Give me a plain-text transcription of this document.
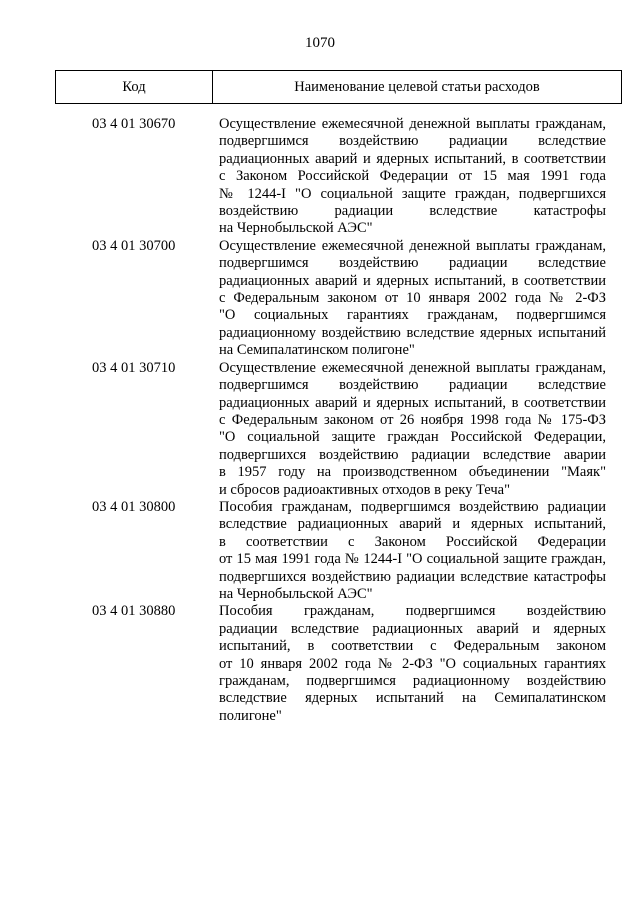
1070
Код	Наименование целевой статьи расходов
03 4 01 30670	Осуществление ежемесячной денежной выплаты гражданам,
подвергшимся воздействию радиации вследствие
радиационных аварий и ядерных испытаний, в соответствии
с Законом Российской Федерации от 15 мая 1991 года
№ 1244-I "О социальной защите граждан, подвергшихся
воздействию радиации вследствие катастрофы
на Чернобыльской АЭС"
03 4 01 30700	Осуществление ежемесячной денежной выплаты гражданам,
подвергшимся воздействию радиации вследствие
радиационных аварий и ядерных испытаний, в соответствии
с Федеральным законом от 10 января 2002 года № 2-ФЗ
"О социальных гарантиях гражданам, подвергшимся
радиационному воздействию вследствие ядерных испытаний
на Семипалатинском полигоне"
03 4 01 30710	Осуществление ежемесячной денежной выплаты гражданам,
подвергшимся воздействию радиации вследствие
радиационных аварий и ядерных испытаний, в соответствии
с Федеральным законом от 26 ноября 1998 года № 175-ФЗ
"О социальной защите граждан Российской Федерации,
подвергшихся воздействию радиации вследствие аварии
в 1957 году на производственном объединении "Маяк"
и сбросов радиоактивных отходов в реку Теча"
03 4 01 30800	Пособия гражданам, подвергшимся воздействию радиации
вследствие радиационных аварий и ядерных испытаний,
в соответствии с Законом Российской Федерации
от 15 мая 1991 года № 1244-I "О социальной защите граждан,
подвергшихся воздействию радиации вследствие катастрофы
на Чернобыльской АЭС"
03 4 01 30880	Пособия гражданам, подвергшимся воздействию
радиации вследствие радиационных аварий и ядерных
испытаний, в соответствии с Федеральным законом
от 10 января 2002 года № 2-ФЗ "О социальных гарантиях
гражданам, подвергшимся радиационному воздействию
вследствие ядерных испытаний на Семипалатинском
полигоне"
